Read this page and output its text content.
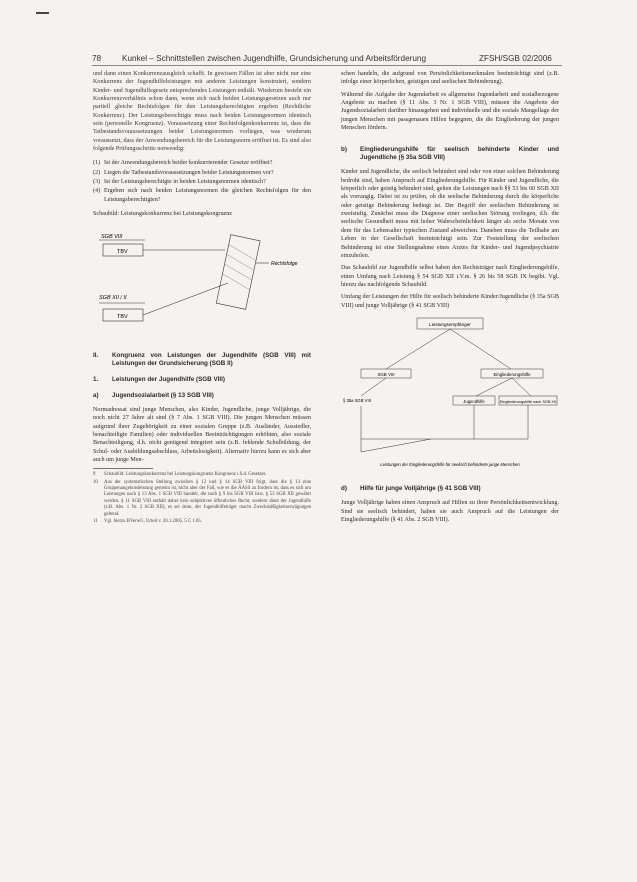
78	Kunkel – Schnittstellen zwischen Jugendhilfe, Grundsicherung und Arbeitsförderung	ZFSH/SGB 02/2006

und dann einen Konkurrenzausgleich schafft. In gewissen Fällen ist aber nicht nur eine Konkurrenz der Jugendhilfeleistungen mit anderen Leistungen konstruiert, sondern Kinder- und Jugendhilfegesetz entsprechendes Leistungen enthält. Wiederum besteht ein Konkurrenzverhältnis schon dann, wenn sich nach beiden Leistungsgesetzen auch nur partiell gleiche Rechtsfolgen für den Leistungsberechtigten ergeben (Rechtliche Konkurrenz). Der Leistungsberechtigte muss nach beiden Leistungsnormen identisch sein (personelle Kongruenz). Voraussetzung einer Rechtsfolgenkonkurrenz ist, dass die Tatbestandsvoraussetzungen beider Leistungsnormen vorliegen, was wiederum voraussetzt, dass der Anwendungsbereich für die Leistungsnorm eröffnet ist. Es sind also folgende Prüfungsschritte notwendig:

(1) Ist der Anwendungsbereich beider konkurrierender Gesetze eröffnet?
(2) Liegen die Tatbestandsvoraussetzungen beider Leistungsnormen vor?
(3) Ist der Leistungsberechtigte in beiden Leistungsnormen identisch?
(4) Ergeben sich nach beiden Leistungsnormen die gleichen Rechtsfolgen für den Leistungsberechtigten?

Schaubild: Leistungskonkurrenz bei Leistungskongruenz

SGB VIII
TBV
Rechtsfolge
SGB XII / II
TBV
II.	Kongruenz von Leistungen der Jugendhilfe (SGB VIII) mit Leistungen der Grundsicherung (SGB II)
1.	Leistungen der Jugendhilfe (SGB VIII)
a)	Jugendsozialarbeit (§ 13 SGB VIII)

Normadressat sind junge Menschen, also Kinder, Jugendliche, junge Volljährige, die noch nicht 27 Jahre alt sind (§ 7 Abs. 1 SGB VIII). Die jungen Menschen müssen aufgrund ihrer Zugehörigkeit zu einer sozialen Gruppe (z.B. Ausländer, Aussiedler, benachteiligte Familien) oder individuellen Beeinträchtigungen erhöhten, also soziale Benachteiligung, d.h. nicht genügend integriert sein (z.B. fehlende Schulbildung, der Schul- oder Ausbildungsabschluss, Arbeitslosigkeit). Alternativ hierzu kann es sich aber auch um junge Men-

9	Schaubild: Leistungskonkurrenz bei Leistungskongruenz Kongruenz i.S.d. Gesetzes.
10	Aus der systematischen Stellung zwischen § 12 und § 14 SGB VIII folgt, dass die § 13 eine Gruppenangebotsleistung gemeint ist, nicht aber der Fall, wie es die ÄÄSS zu fordern ist, dass es sich um Leistungen nach § 13 Abs. 1 SGB VIII handelt, die nach § 9 bis SGB VIII bzw. § 53 SGB XII gewährt werden. § 11 SGB VIII enthält daher kein subjektives öffentliches Recht, sondern dient der Jugendhilfe (z.B. Abs. 1 Nr. 2 SGB XII), es sei denn, der Jugendhilfeträger macht Zweckmäßigkeitserwägungen geltend.
11	Vgl. hierzu BVerwG, Urteil v. 20.1.2005, 5 C 1.05.

schen handeln, die aufgrund von Persönlichkeitsmerkmalen beeinträchtigt sind (z.B. infolge einer körperlichen, geistigen und seelischen Behinderung).

Während die Aufgabe der Jugendarbeit es allgemeine Jugendarbeit und sozialbezogene Angebote zu machen (§ 11 Abs. 3 Nr. 1 SGB VIII), müssen die Angebote der Jugendsozialarbeit darüber hinausgehen und individuelle und die soziale Mangellage der jungen Menschen mit passgenauen Hilfen begegnen, die die Eingliederung der jungen Menschen fördern.

b)	Eingliederungshilfe für seelisch behinderte Kinder und Jugendliche (§ 35a SGB VIII)

Kinder und Jugendliche, die seelisch behindert sind oder von einer solchen Behinderung bedroht sind, haben Anspruch auf Eingliederungshilfe. Für Kinder und Jugendliche, die körperlich oder geistig behindert sind, gelten die Leistungen nach §§ 53 bis 60 SGB XII als vorrangig. Dabei ist zu prüfen, ob die seelische Behinderung durch die körperliche oder geistige Behinderung bedingt ist. Der Begriff der seelischen Behinderung ist zweistufig. Zunächst muss die Diagnose einer seelischen Störung vorliegen, d.h. die seelische Gesundheit muss mit hoher Wahrscheinlichkeit länger als sechs Monate von dem für das Lebensalter typischen Zustand abweichen. Daneben muss die Teilhabe am Leben in der Gesellschaft beeinträchtigt sein. Zur Feststellung der seelischen Behinderung ist eine Stellungnahme eines Arztes für Kinder- und Jugendpsychiatrie einzuholen.

Das Schaubild zur Jugendhilfe selbst haben den Rechtsträger nach Eingliederungshilfe, einen Umfang nach Leistung § 54 SGB XII i.V.m. § 26 bis 58 SGB IX begibt. Vgl. hierzu das nachfolgende Schaubild.

Umfang der Leistungen der Hilfe für seelisch behinderte Kinder/Jugendliche (§ 35a SGB VIII) und junge Volljährige (§ 41 SGB VIII)

Leistungsempfänger
SGB VIII	Eingliederungshilfe
§ 35a SGB VIII	Jugendhilfe	Eingliederungshilfe nach SGB XII
Leistungen der Eingliederungshilfe für seelisch behinderte junge Menschen
d)	Hilfe für junge Volljährige (§ 41 SGB VIII)

Junge Volljährige haben einen Anspruch auf Hilfen zu ihrer Persönlichkeitsentwicklung. Sind sie seelisch behindert, haben sie auch Anspruch auf die Leistungen der Eingliederungshilfe (§ 41 Abs. 2 SGB VIII).
